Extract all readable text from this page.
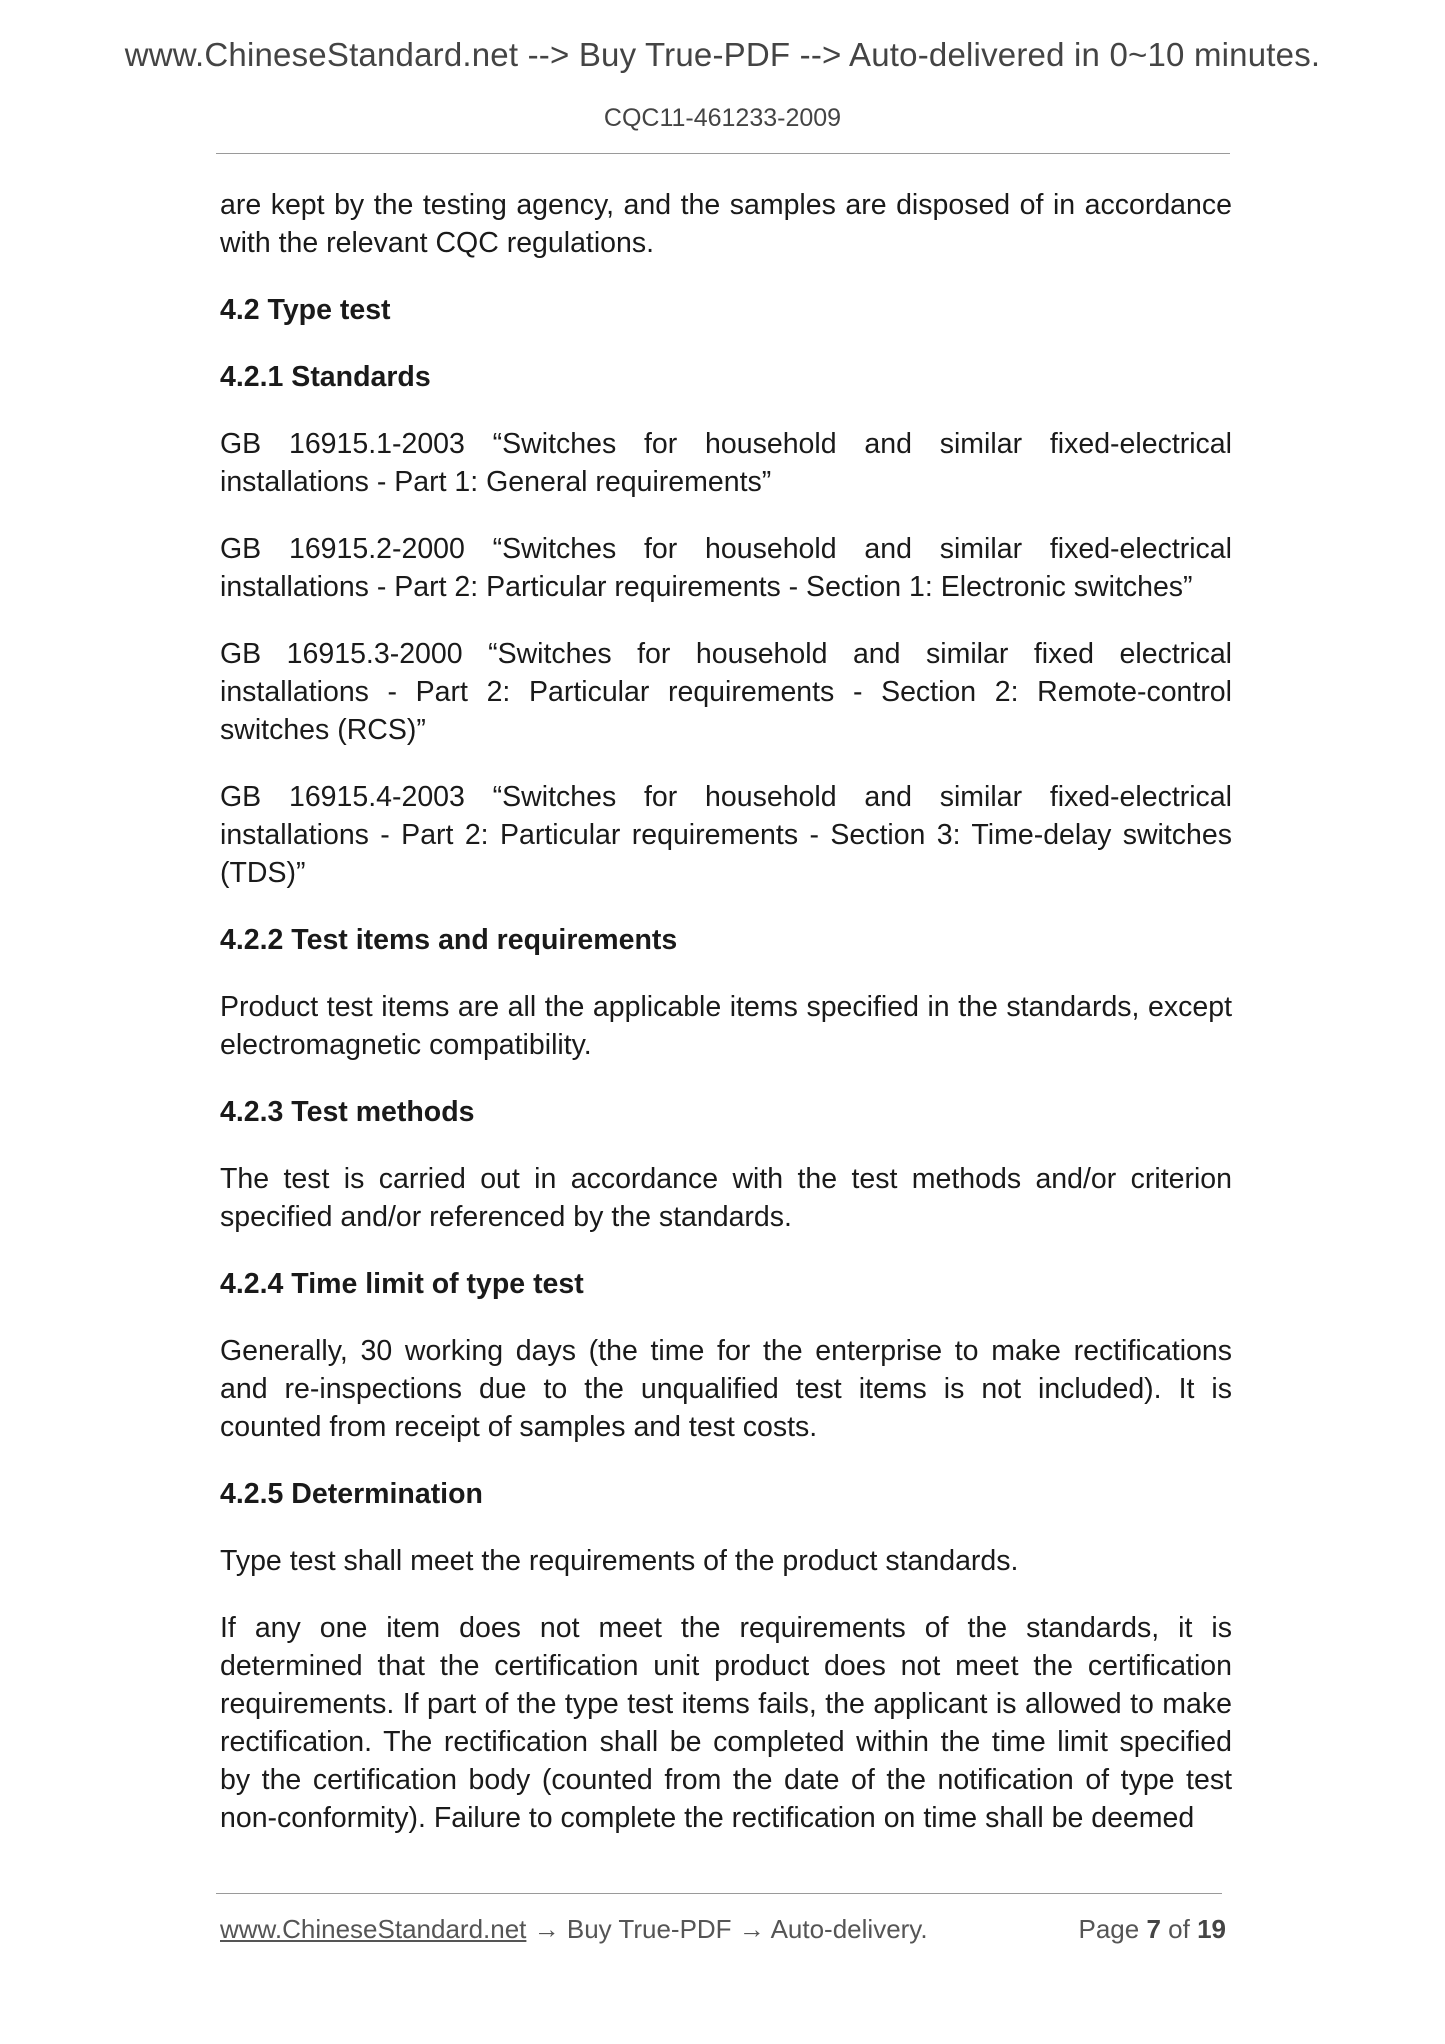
www.ChineseStandard.net --> Buy True-PDF --> Auto-delivered in 0~10 minutes.
CQC11-461233-2009

are kept by the testing agency, and the samples are disposed of in accordance with the relevant CQC regulations.

4.2 Type test
4.2.1 Standards

GB 16915.1-2003 “Switches for household and similar fixed-electrical installations - Part 1: General requirements”

GB 16915.2-2000 “Switches for household and similar fixed-electrical installations - Part 2: Particular requirements - Section 1: Electronic switches”

GB 16915.3-2000 “Switches for household and similar fixed electrical installations - Part 2: Particular requirements - Section 2: Remote-control switches (RCS)”

GB 16915.4-2003 “Switches for household and similar fixed-electrical installations - Part 2: Particular requirements - Section 3: Time-delay switches (TDS)”

4.2.2 Test items and requirements

Product test items are all the applicable items specified in the standards, except electromagnetic compatibility.

4.2.3 Test methods

The test is carried out in accordance with the test methods and/or criterion specified and/or referenced by the standards.

4.2.4 Time limit of type test

Generally, 30 working days (the time for the enterprise to make rectifications and re-inspections due to the unqualified test items is not included). It is counted from receipt of samples and test costs.

4.2.5 Determination

Type test shall meet the requirements of the product standards.

If any one item does not meet the requirements of the standards, it is determined that the certification unit product does not meet the certification requirements. If part of the type test items fails, the applicant is allowed to make rectification. The rectification shall be completed within the time limit specified by the certification body (counted from the date of the notification of type test non-conformity). Failure to complete the rectification on time shall be deemed

www.ChineseStandard.net → Buy True-PDF → Auto-delivery.	Page 7 of 19
